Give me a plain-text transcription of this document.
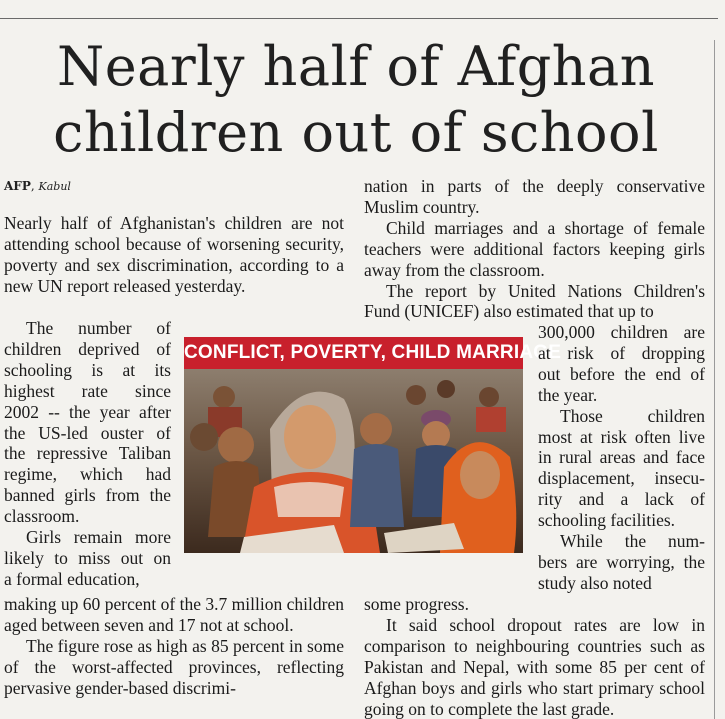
Nearly half of Afghan
children out of school
AFP, Kabul

Nearly half of Afghanistan's children are not attending school because of worsening security, poverty and sex discrimination, according to a new UN report released yesterday.

The number of
children deprived of
schooling is at its
highest rate since
2002 -- the year after
the US-led ouster of
the repressive Taliban
regime, which had
banned girls from the
classroom.
Girls remain more
likely to miss out on
a formal education,

making up 60 percent of the 3.7 million children aged between seven and 17 not at school.

The figure rose as high as 85 percent in some of the worst-affected provinces, reflecting pervasive gender-based discrimi-

CONFLICT, POVERTY, CHILD MARRIAGE

nation in parts of the deeply conservative Muslim country.

Child marriages and a shortage of female teachers were additional factors keeping girls away from the classroom.

The report by United Nations Children's Fund (UNICEF) also estimated that up to

300,000 children are
at risk of dropping
out before the end of
the year.
Those children
most at risk often live
in rural areas and face
displacement, insecu-
rity and a lack of
schooling facilities.
While the num-
bers are worrying, the
study also noted

some progress.

It said school dropout rates are low in comparison to neighbouring countries such as Pakistan and Nepal, with some 85 per cent of Afghan boys and girls who start primary school going on to complete the last grade.
